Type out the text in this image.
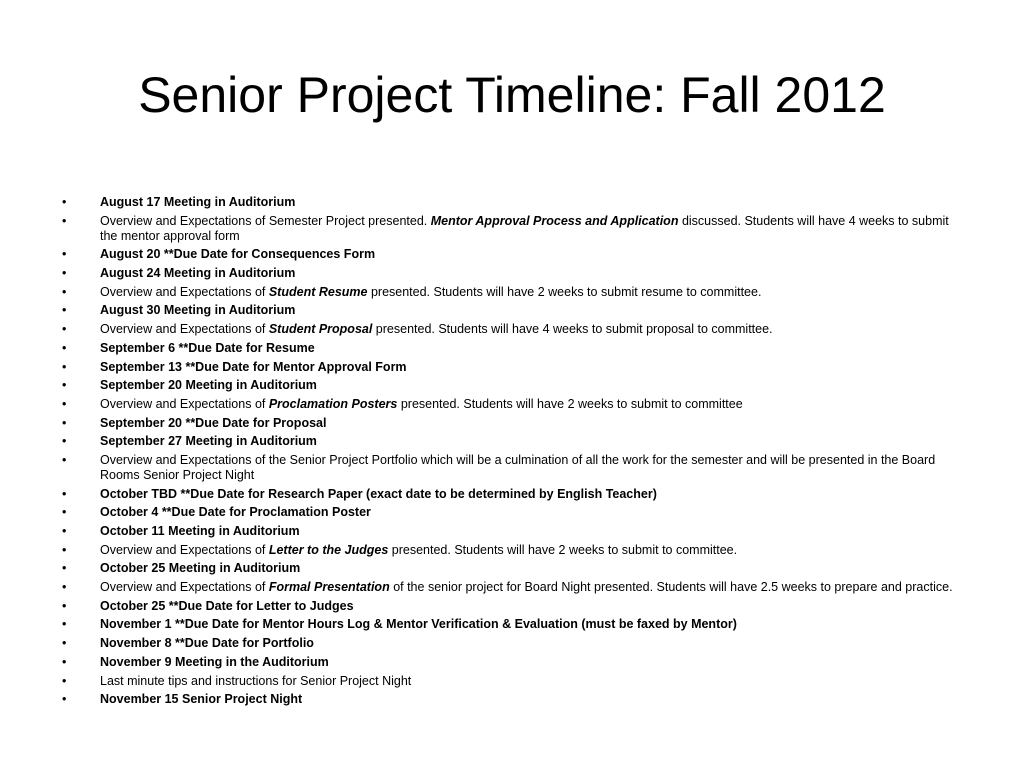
Senior Project Timeline: Fall 2012
•	August 17 Meeting in Auditorium
•	Overview and Expectations of Semester Project presented. Mentor Approval Process and Application discussed. Students will have 4 weeks to submit the mentor approval form
•	August 20 **Due Date for Consequences Form
•	August 24 Meeting in Auditorium
•	Overview and Expectations of Student Resume presented. Students will have 2 weeks to submit resume to committee.
•	August 30 Meeting in Auditorium
•	Overview and Expectations of Student Proposal presented. Students will have 4 weeks to submit proposal to committee.
•	September 6 **Due Date for Resume
•	September 13 **Due Date for Mentor Approval Form
•	September 20 Meeting in Auditorium
•	Overview and Expectations of Proclamation Posters presented. Students will have 2 weeks to submit to committee
•	September 20 **Due Date for Proposal
•	September 27 Meeting in Auditorium
•	Overview and Expectations of the Senior Project Portfolio which will be a culmination of all the work for the semester and will be presented in the Board Rooms Senior Project Night
•	October TBD **Due Date for Research Paper (exact date to be determined by English Teacher)
•	October 4 **Due Date for Proclamation Poster
•	October 11 Meeting in Auditorium
•	Overview and Expectations of Letter to the Judges presented. Students will have 2 weeks to submit to committee.
•	October 25 Meeting in Auditorium
•	Overview and Expectations of Formal Presentation of the senior project for Board Night presented. Students will have 2.5 weeks to prepare and practice.
•	October 25 **Due Date for Letter to Judges
•	November 1 **Due Date for Mentor Hours Log & Mentor Verification & Evaluation (must be faxed by Mentor)
•	November 8 **Due Date for Portfolio
•	November 9 Meeting in the Auditorium
•	Last minute tips and instructions for Senior Project Night
•	November 15 Senior Project Night
